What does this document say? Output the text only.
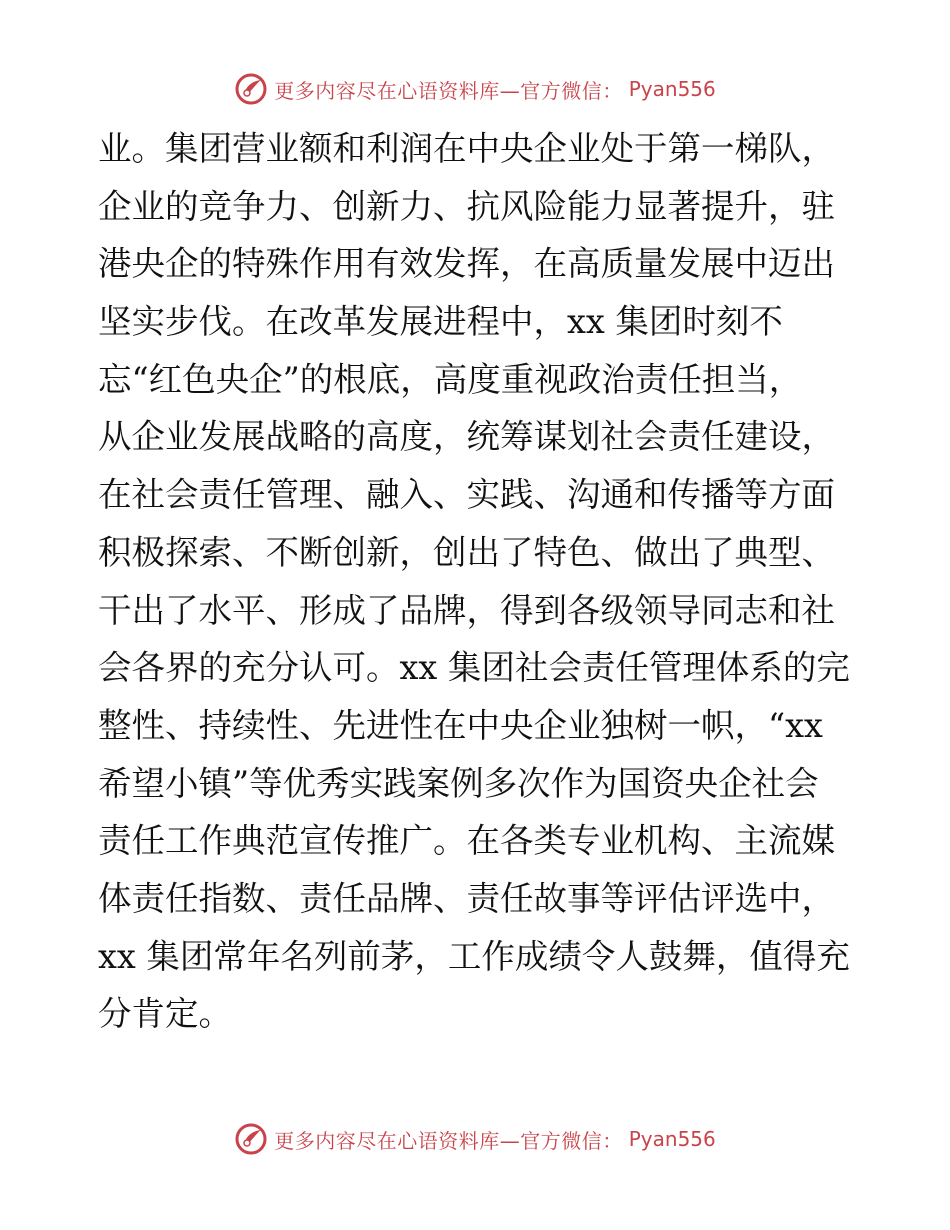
更多内容尽在心语资料库—官方微信： Pyan556
业。集团营业额和利润在中央企业处于第一梯队，
企业的竞争力、创新力、抗风险能力显著提升，驻
港央企的特殊作用有效发挥，在高质量发展中迈出
坚实步伐。在改革发展进程中，xx 集团时刻不
忘“红色央企”的根底，高度重视政治责任担当，
从企业发展战略的高度，统筹谋划社会责任建设，
在社会责任管理、融入、实践、沟通和传播等方面
积极探索、不断创新，创出了特色、做出了典型、
干出了水平、形成了品牌，得到各级领导同志和社
会各界的充分认可。xx 集团社会责任管理体系的完
整性、持续性、先进性在中央企业独树一帜，“xx
希望小镇”等优秀实践案例多次作为国资央企社会
责任工作典范宣传推广。在各类专业机构、主流媒
体责任指数、责任品牌、责任故事等评估评选中，
xx 集团常年名列前茅，工作成绩令人鼓舞，值得充
分肯定。
更多内容尽在心语资料库—官方微信： Pyan556
